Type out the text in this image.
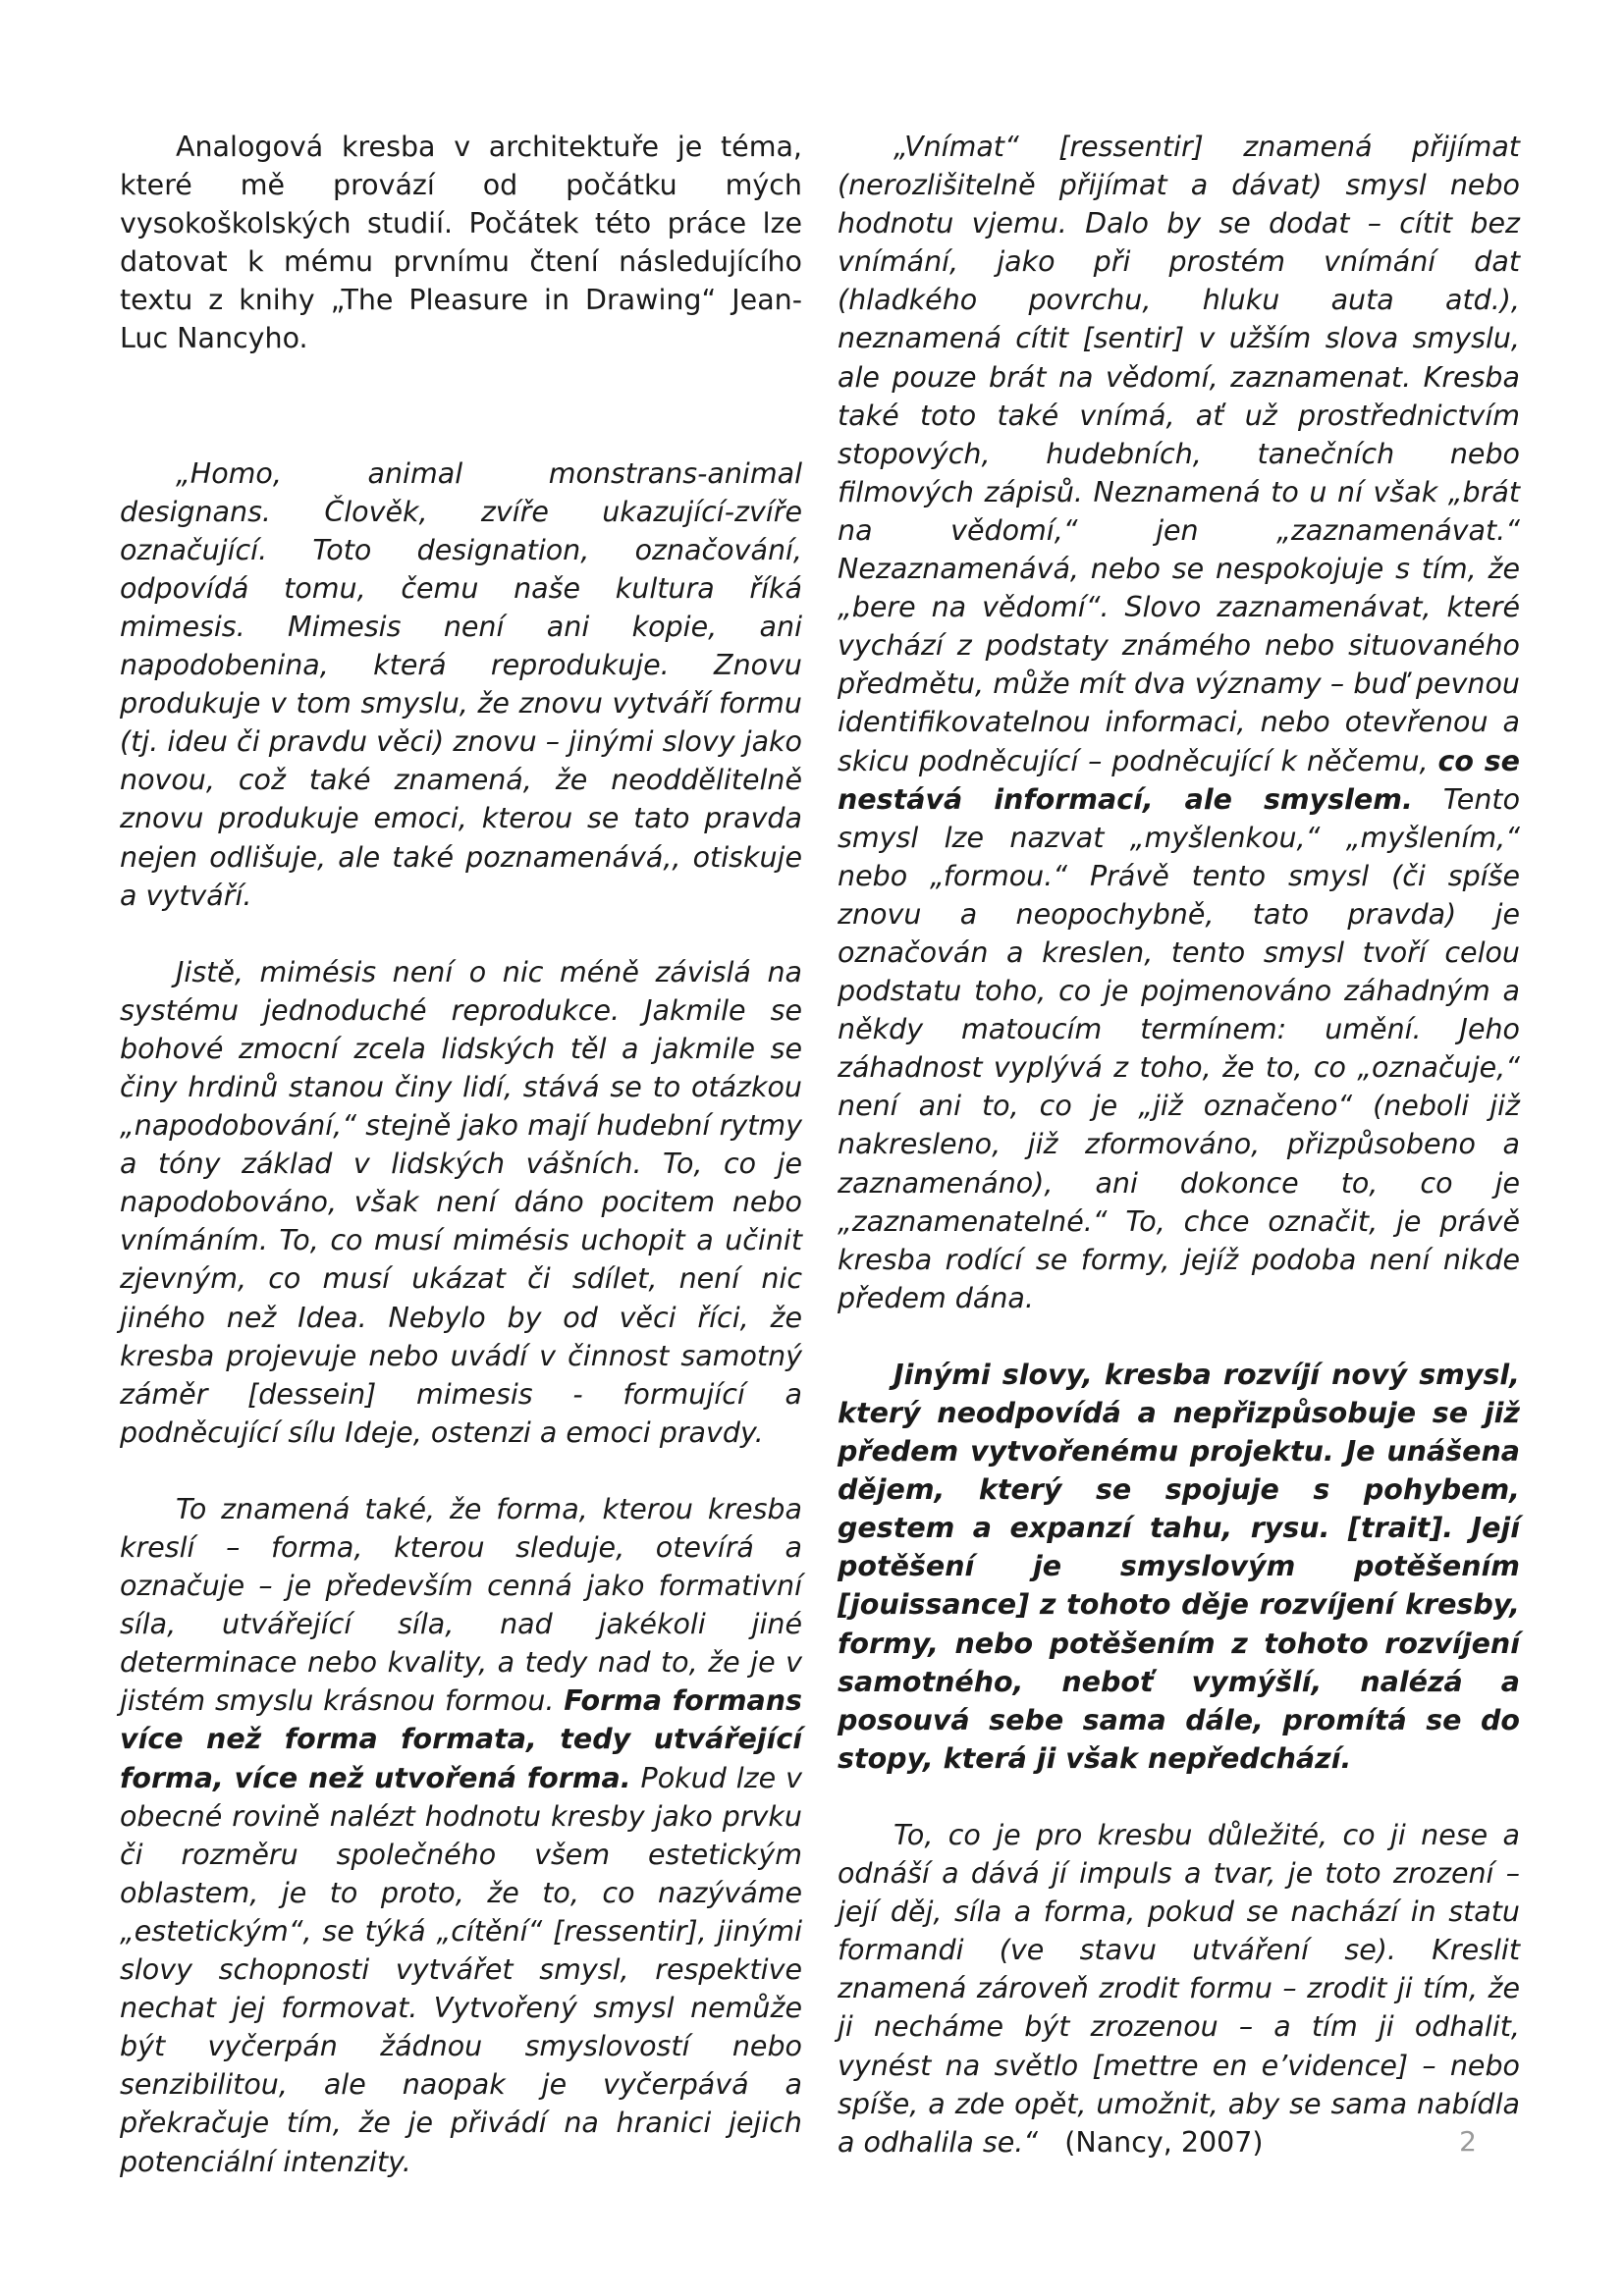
Analogová kresba v architektuře je téma, které mě provází od počátku mých vysokoškolských studií. Počátek této práce lze datovat k mému prvnímu čtení následujícího textu z knihy „The Pleasure in Drawing“ Jean-Luc Nancyho.

„Homo, animal monstrans-animal designans. Člověk, zvíře ukazující-zvíře označující. Toto designation, označování, odpovídá tomu, čemu naše kultura říká mimesis. Mimesis není ani kopie, ani napodobenina, která reprodukuje. Znovu produkuje v tom smyslu, že znovu vytváří formu (tj. ideu či pravdu věci) znovu – jinými slovy jako novou, což také znamená, že neoddělitelně znovu produkuje emoci, kterou se tato pravda nejen odlišuje, ale také poznamenává,, otiskuje a vytváří.

Jistě, mimésis není o nic méně závislá na systému jednoduché reprodukce. Jakmile se bohové zmocní zcela lidských těl a jakmile se činy hrdinů stanou činy lidí, stává se to otázkou „napodobování,“ stejně jako mají hudební rytmy a tóny základ v lidských vášních. To, co je napodobováno, však není dáno pocitem nebo vnímáním. To, co musí mimésis uchopit a učinit zjevným, co musí ukázat či sdílet, není nic jiného než Idea. Nebylo by od věci říci, že kresba projevuje nebo uvádí v činnost samotný záměr [dessein] mimesis - formující a podněcující sílu Ideje, ostenzi a emoci pravdy.

To znamená také, že forma, kterou kresba kreslí – forma, kterou sleduje, otevírá a označuje – je především cenná jako formativní síla, utvářející síla, nad jakékoli jiné determinace nebo kvality, a tedy nad to, že je v jistém smyslu krásnou formou. Forma formans více než forma formata, tedy utvářející forma, více než utvořená forma. Pokud lze v obecné rovině nalézt hodnotu kresby jako prvku či rozměru společného všem estetickým oblastem, je to proto, že to, co nazýváme „estetickým“, se týká „cítění“ [ressentir], jinými slovy schopnosti vytvářet smysl, respektive nechat jej formovat. Vytvořený smysl nemůže být vyčerpán žádnou smyslovostí nebo senzibilitou, ale naopak je vyčerpává a překračuje tím, že je přivádí na hranici jejich potenciální intenzity.

„Vnímat“ [ressentir] znamená přijímat (nerozlišitelně přijímat a dávat) smysl nebo hodnotu vjemu. Dalo by se dodat – cítit bez vnímání, jako při prostém vnímání dat (hladkého povrchu, hluku auta atd.), neznamená cítit [sentir] v užším slova smyslu, ale pouze brát na vědomí, zaznamenat. Kresba také toto také vnímá, ať už prostřednictvím stopových, hudebních, tanečních nebo filmových zápisů. Neznamená to u ní však „brát na vědomí,“ jen „zaznamenávat.“ Nezaznamenává, nebo se nespokojuje s tím, že „bere na vědomí“. Slovo zaznamenávat, které vychází z podstaty známého nebo situovaného předmětu, může mít dva významy – buď pevnou identifikovatelnou informaci, nebo otevřenou a skicu podněcující – podněcující k něčemu, co se nestává informací, ale smyslem. Tento smysl lze nazvat „myšlenkou,“ „myšlením,“ nebo „formou.“ Právě tento smysl (či spíše znovu a neopochybně, tato pravda) je označován a kreslen, tento smysl tvoří celou podstatu toho, co je pojmenováno záhadným a někdy matoucím termínem: umění. Jeho záhadnost vyplývá z toho, že to, co „označuje,“ není ani to, co je „již označeno“ (neboli již nakresleno, již zformováno, přizpůsobeno a zaznamenáno), ani dokonce to, co je „zaznamenatelné.“ To, chce označit, je právě kresba rodící se formy, jejíž podoba není nikde předem dána.

Jinými slovy, kresba rozvíjí nový smysl, který neodpovídá a nepřizpůsobuje se již předem vytvořenému projektu. Je unášena dějem, který se spojuje s pohybem, gestem a expanzí tahu, rysu. [trait]. Její potěšení je smyslovým potěšením [jouissance] z tohoto děje rozvíjení kresby, formy, nebo potěšením z tohoto rozvíjení samotného, neboť vymýšlí, nalézá a posouvá sebe sama dále, promítá se do stopy, která ji však nepředchází.

To, co je pro kresbu důležité, co ji nese a odnáší a dává jí impuls a tvar, je toto zrození – její děj, síla a forma, pokud se nachází in statu formandi (ve stavu utváření se). Kreslit znamená zároveň zrodit formu – zrodit ji tím, že ji necháme být zrozenou – a tím ji odhalit, vynést na světlo [mettre en e’vidence] – nebo spíše, a zde opět, umožnit, aby se sama nabídla a odhalila se.“ (Nancy, 2007)	2
